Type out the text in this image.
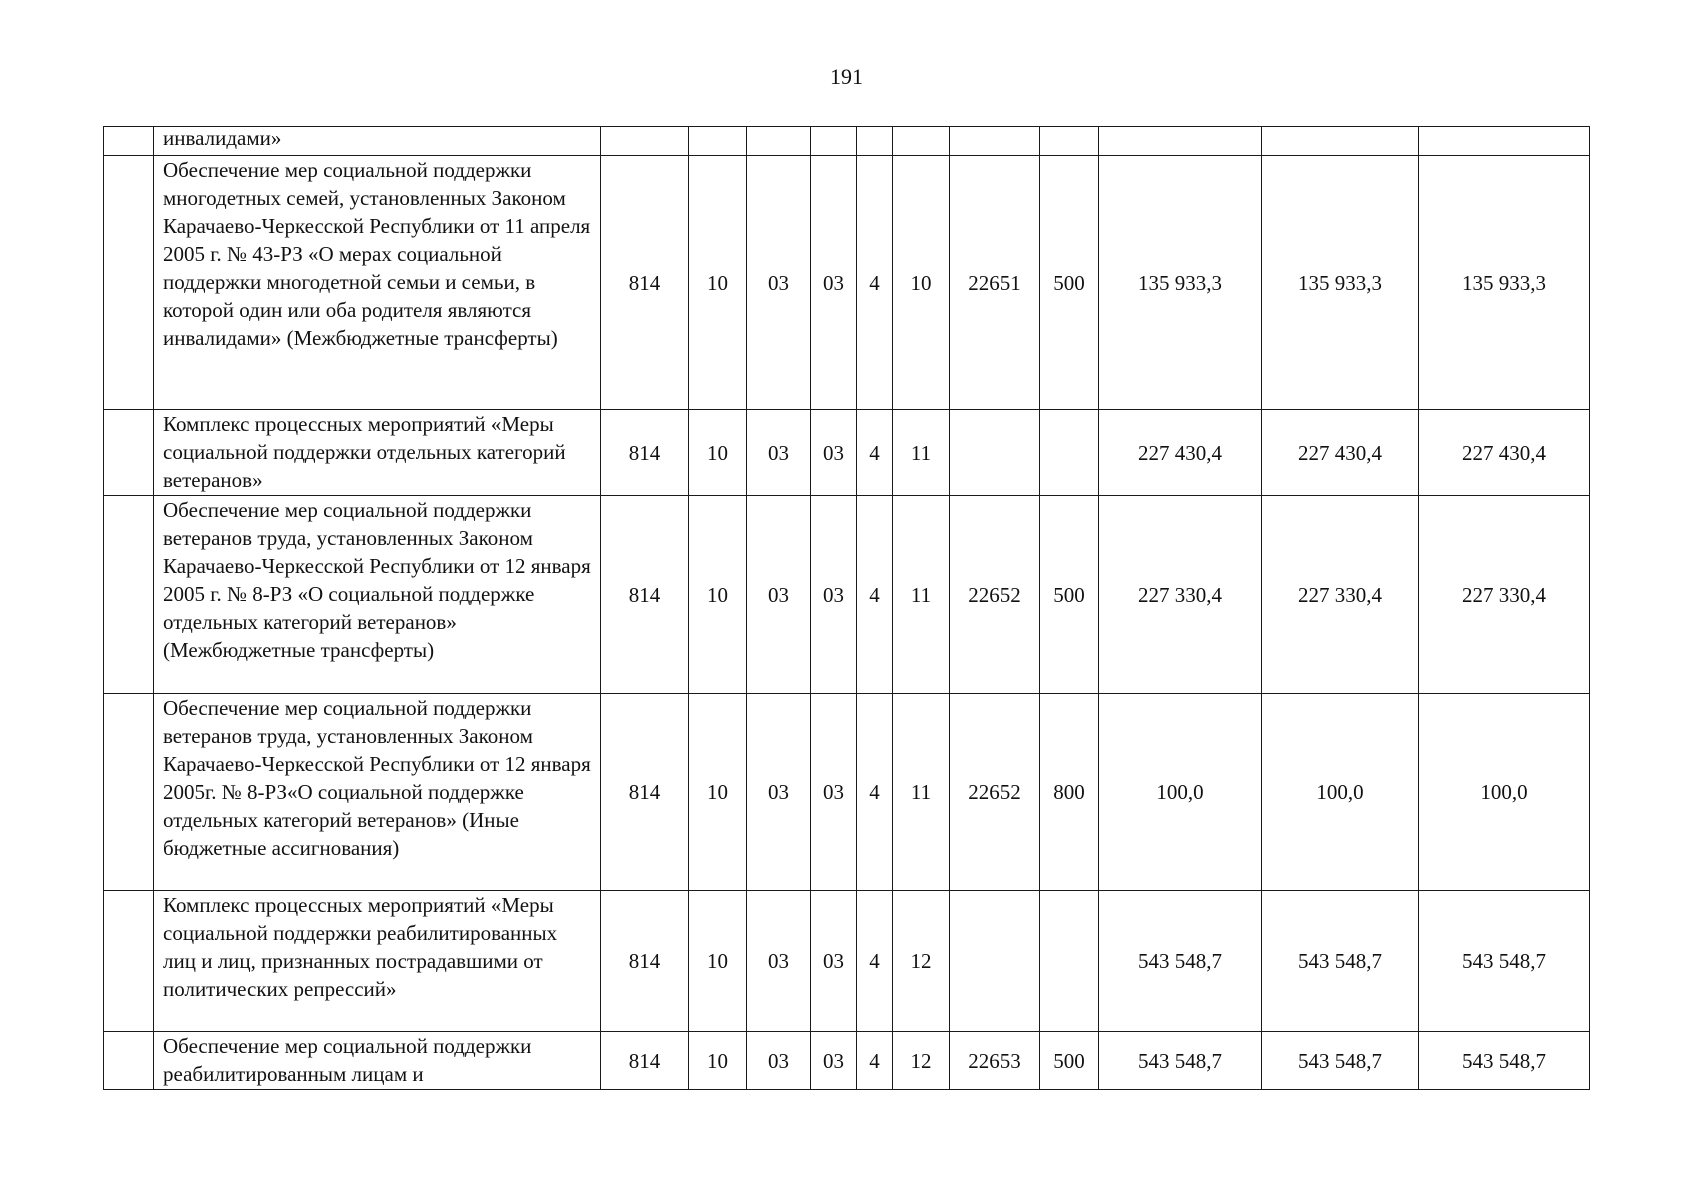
191
	инвалидами»											
	Обеспечение мер социальной поддержки многодетных семей, установленных Законом Карачаево-Черкесской Республики от 11 апреля 2005 г. № 43-РЗ «О мерах социальной поддержки многодетной семьи и семьи, в которой один или оба родителя являются инвалидами» (Межбюджетные трансферты)	814	10	03	03	4	10	22651	500	135 933,3	135 933,3	135 933,3
	Комплекс процессных мероприятий «Меры социальной поддержки отдельных категорий ветеранов»	814	10	03	03	4	11			227 430,4	227 430,4	227 430,4
	Обеспечение мер социальной поддержки ветеранов труда, установленных Законом Карачаево-Черкесской Республики от 12 января 2005 г. № 8-РЗ «О социальной поддержке отдельных категорий ветеранов» (Межбюджетные трансферты)	814	10	03	03	4	11	22652	500	227 330,4	227 330,4	227 330,4
	Обеспечение мер социальной поддержки ветеранов труда, установленных Законом Карачаево-Черкесской Республики от 12 января 2005г. № 8-РЗ«О социальной поддержке отдельных категорий ветеранов» (Иные бюджетные ассигнования)	814	10	03	03	4	11	22652	800	100,0	100,0	100,0
	Комплекс процессных мероприятий «Меры социальной поддержки реабилитированных лиц и лиц, признанных пострадавшими от политических репрессий»	814	10	03	03	4	12			543 548,7	543 548,7	543 548,7
	Обеспечение мер социальной поддержки реабилитированным лицам и	814	10	03	03	4	12	22653	500	543 548,7	543 548,7	543 548,7
